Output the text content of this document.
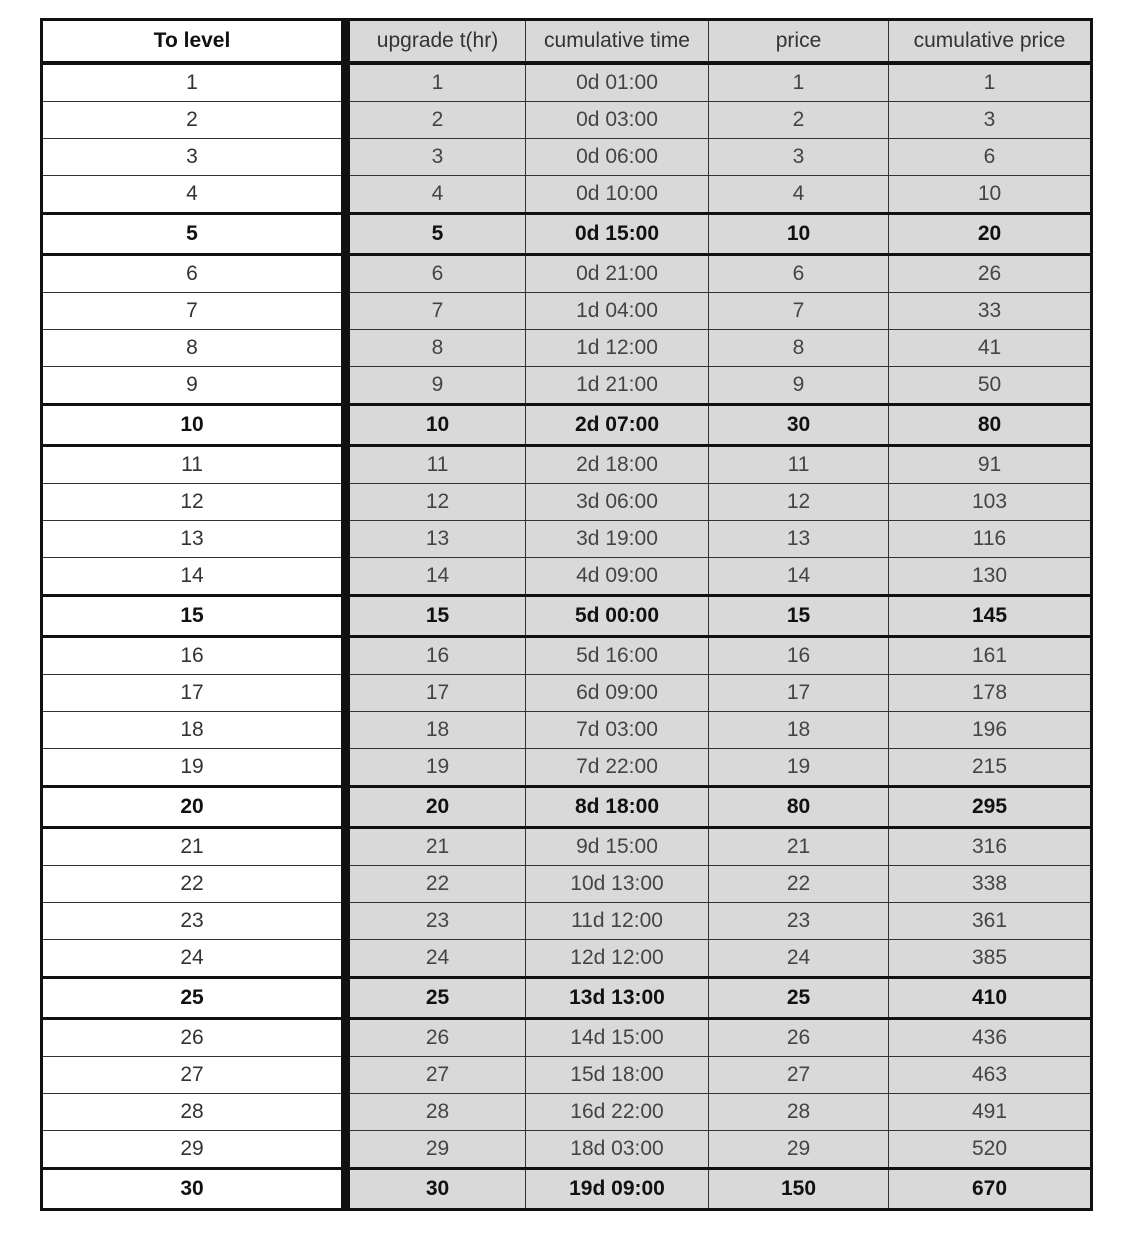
To level	upgrade t(hr)	cumulative time	price	cumulative price
1	1	0d 01:00	1	1
2	2	0d 03:00	2	3
3	3	0d 06:00	3	6
4	4	0d 10:00	4	10
5	5	0d 15:00	10	20
6	6	0d 21:00	6	26
7	7	1d 04:00	7	33
8	8	1d 12:00	8	41
9	9	1d 21:00	9	50
10	10	2d 07:00	30	80
11	11	2d 18:00	11	91
12	12	3d 06:00	12	103
13	13	3d 19:00	13	116
14	14	4d 09:00	14	130
15	15	5d 00:00	15	145
16	16	5d 16:00	16	161
17	17	6d 09:00	17	178
18	18	7d 03:00	18	196
19	19	7d 22:00	19	215
20	20	8d 18:00	80	295
21	21	9d 15:00	21	316
22	22	10d 13:00	22	338
23	23	11d 12:00	23	361
24	24	12d 12:00	24	385
25	25	13d 13:00	25	410
26	26	14d 15:00	26	436
27	27	15d 18:00	27	463
28	28	16d 22:00	28	491
29	29	18d 03:00	29	520
30	30	19d 09:00	150	670
